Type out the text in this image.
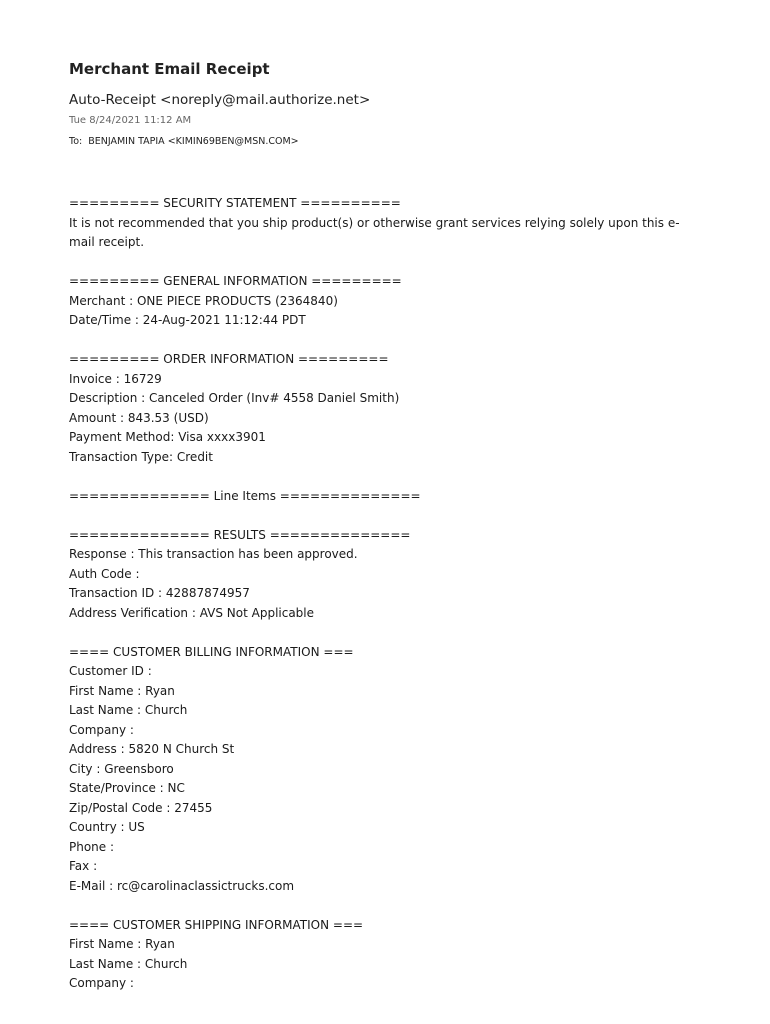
Merchant Email Receipt
Auto-Receipt <noreply@mail.authorize.net>
Tue 8/24/2021 11:12 AM
To: BENJAMIN TAPIA <KIMIN69BEN@MSN.COM>
========= SECURITY STATEMENT ==========
It is not recommended that you ship product(s) or otherwise grant services relying solely upon this e-mail receipt.
========= GENERAL INFORMATION =========
Merchant : ONE PIECE PRODUCTS (2364840)
Date/Time : 24-Aug-2021 11:12:44 PDT
========= ORDER INFORMATION =========
Invoice : 16729
Description : Canceled Order (Inv# 4558 Daniel Smith)
Amount : 843.53 (USD)
Payment Method: Visa xxxx3901
Transaction Type: Credit
============== Line Items ==============
============== RESULTS ==============
Response : This transaction has been approved.
Auth Code :
Transaction ID : 42887874957
Address Verification : AVS Not Applicable
==== CUSTOMER BILLING INFORMATION ===
Customer ID :
First Name : Ryan
Last Name : Church
Company :
Address : 5820 N Church St
City : Greensboro
State/Province : NC
Zip/Postal Code : 27455
Country : US
Phone :
Fax :
E-Mail : rc@carolinaclassictrucks.com
==== CUSTOMER SHIPPING INFORMATION ===
First Name : Ryan
Last Name : Church
Company :
